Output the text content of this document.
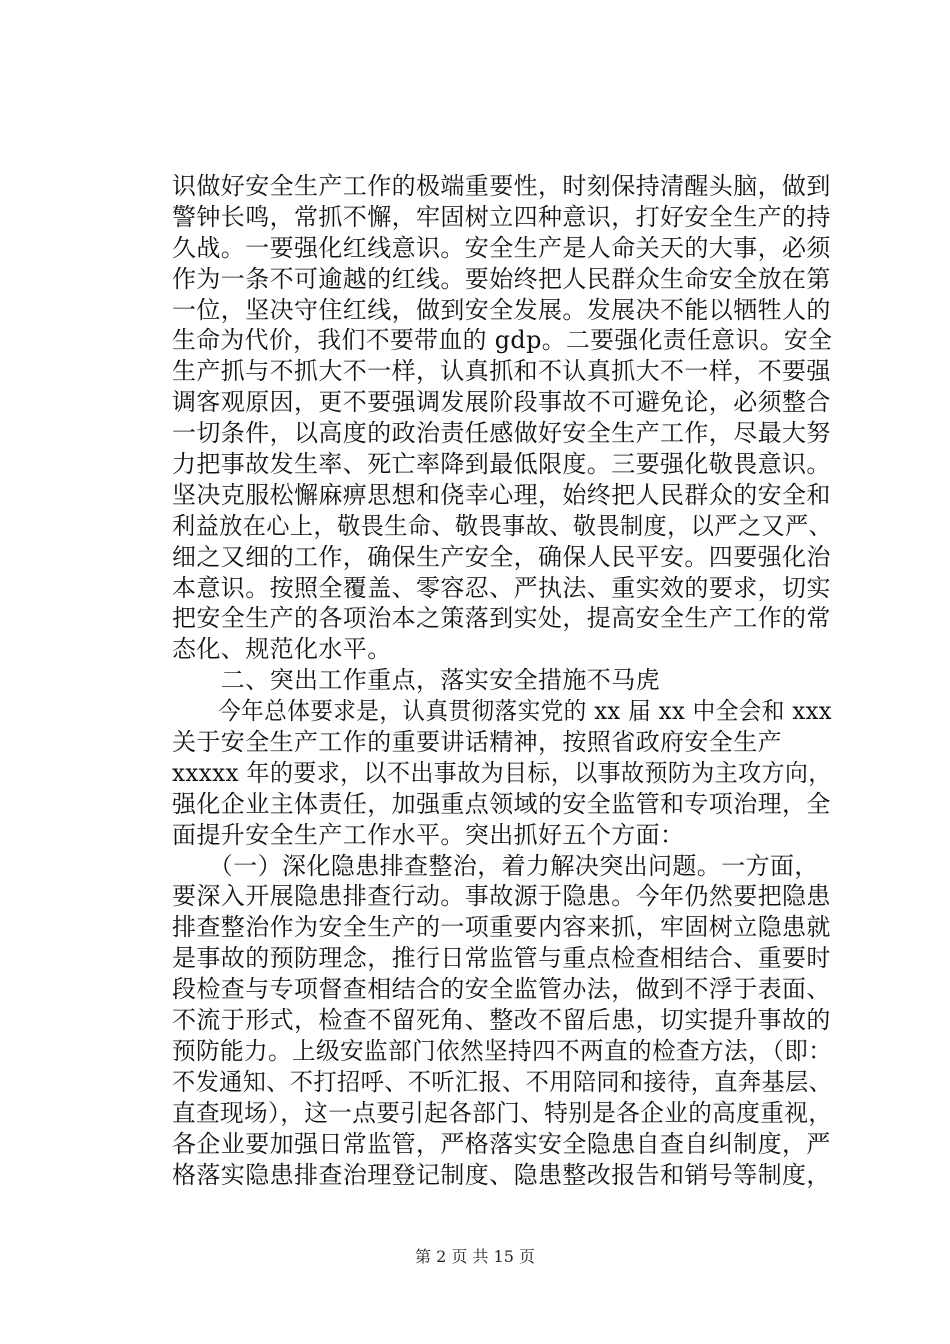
识做好安全生产工作的极端重要性，时刻保持清醒头脑，做到
警钟长鸣，常抓不懈，牢固树立四种意识，打好安全生产的持
久战。一要强化红线意识。安全生产是人命关天的大事，必须
作为一条不可逾越的红线。要始终把人民群众生命安全放在第
一位，坚决守住红线，做到安全发展。发展决不能以牺牲人的
生命为代价，我们不要带血的 gdp。二要强化责任意识。安全
生产抓与不抓大不一样，认真抓和不认真抓大不一样，不要强
调客观原因，更不要强调发展阶段事故不可避免论，必须整合
一切条件，以高度的政治责任感做好安全生产工作，尽最大努
力把事故发生率、死亡率降到最低限度。三要强化敬畏意识。
坚决克服松懈麻痹思想和侥幸心理，始终把人民群众的安全和
利益放在心上，敬畏生命、敬畏事故、敬畏制度，以严之又严、
细之又细的工作，确保生产安全，确保人民平安。四要强化治
本意识。按照全覆盖、零容忍、严执法、重实效的要求，切实
把安全生产的各项治本之策落到实处，提高安全生产工作的常
态化、规范化水平。
　　二、突出工作重点，落实安全措施不马虎
　　今年总体要求是，认真贯彻落实党的 xx 届 xx 中全会和 xxx
关于安全生产工作的重要讲话精神，按照省政府安全生产
xxxxx 年的要求，以不出事故为目标，以事故预防为主攻方向，
强化企业主体责任，加强重点领域的安全监管和专项治理，全
面提升安全生产工作水平。突出抓好五个方面：
　　（一）深化隐患排查整治，着力解决突出问题。一方面，
要深入开展隐患排查行动。事故源于隐患。今年仍然要把隐患
排查整治作为安全生产的一项重要内容来抓，牢固树立隐患就
是事故的预防理念，推行日常监管与重点检查相结合、重要时
段检查与专项督查相结合的安全监管办法，做到不浮于表面、
不流于形式，检查不留死角、整改不留后患，切实提升事故的
预防能力。上级安监部门依然坚持四不两直的检查方法，（即：
不发通知、不打招呼、不听汇报、不用陪同和接待，直奔基层、
直查现场），这一点要引起各部门、特别是各企业的高度重视，
各企业要加强日常监管，严格落实安全隐患自查自纠制度，严
格落实隐患排查治理登记制度、隐患整改报告和销号等制度，
第 2 页 共 15 页
